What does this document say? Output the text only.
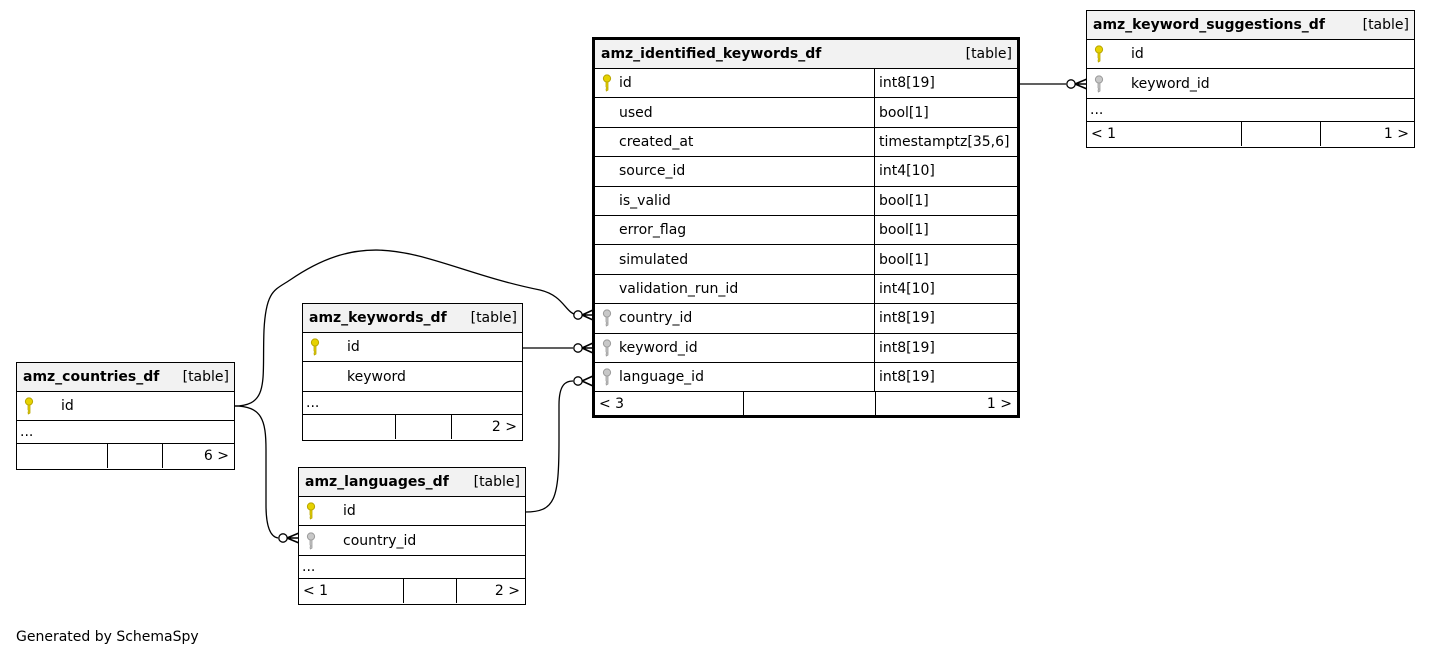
amz_identified_keywords_df	[table]
id	int8[19]
used	bool[1]
created_at	timestamptz[35,6]
source_id	int4[10]
is_valid	bool[1]
error_flag	bool[1]
simulated	bool[1]
validation_run_id	int4[10]
country_id	int8[19]
keyword_id	int8[19]
language_id	int8[19]
< 3	1 >
amz_keyword_suggestions_df	[table]
id
keyword_id
...
< 1	1 >
amz_keywords_df [table]
id
keyword
...
2 >
amz_countries_df [table]
id
...
6 >
amz_languages_df [table]
id
country_id
...
< 1	2 >
Generated by SchemaSpy
